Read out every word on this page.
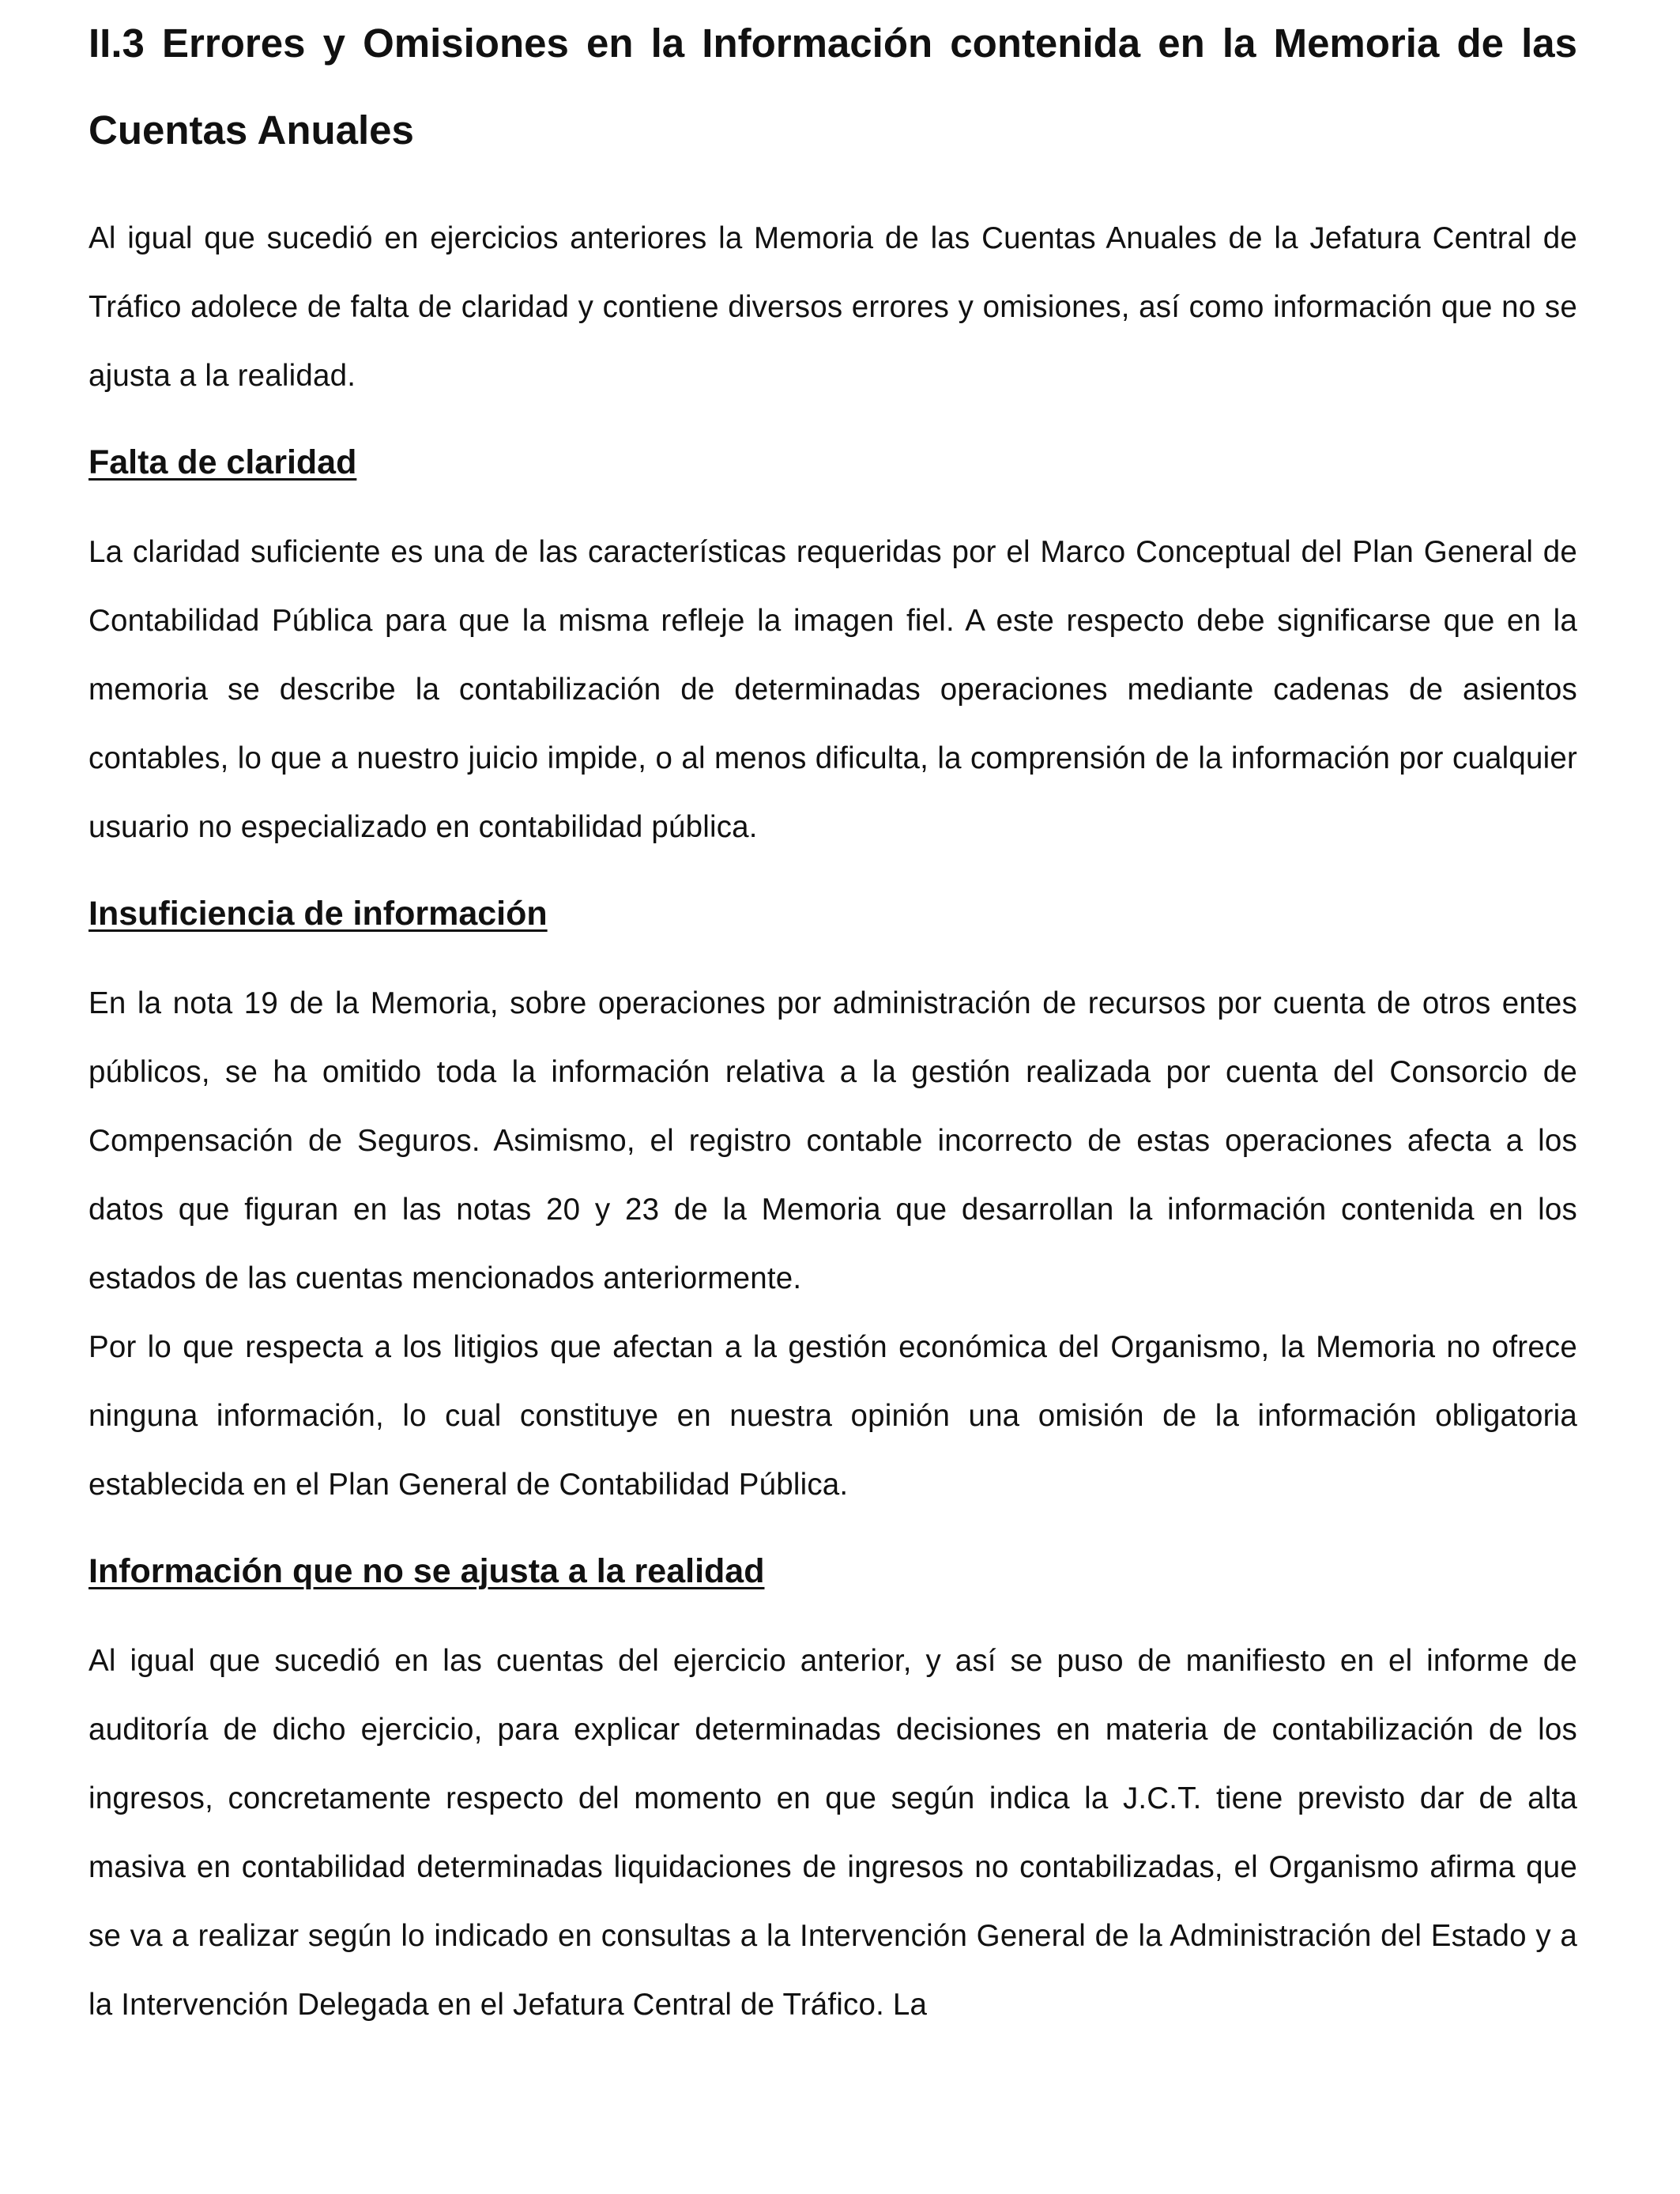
II.3 Errores y Omisiones en la Información contenida en la Memoria de las Cuentas Anuales

Al igual que sucedió en ejercicios anteriores la Memoria de las Cuentas Anuales de la Jefatura Central de Tráfico adolece de falta de claridad y contiene diversos errores y omisiones, así como información que no se ajusta a la realidad.

Falta de claridad

La claridad suficiente es una de las características requeridas por el Marco Conceptual del Plan General de Contabilidad Pública para que la misma refleje la imagen fiel. A este respecto debe significarse que en la memoria se describe la contabilización de determinadas operaciones mediante cadenas de asientos contables, lo que a nuestro juicio impide, o al menos dificulta, la comprensión de la información por cualquier usuario no especializado en contabilidad pública.

Insuficiencia de información

En la nota 19 de la Memoria, sobre operaciones por administración de recursos por cuenta de otros entes públicos, se ha omitido toda la información relativa a la gestión realizada por cuenta del Consorcio de Compensación de Seguros. Asimismo, el registro contable incorrecto de estas operaciones afecta a los datos que figuran en las notas 20 y 23 de la Memoria que desarrollan la información contenida en los estados de las cuentas mencionados anteriormente.

Por lo que respecta a los litigios que afectan a la gestión económica del Organismo, la Memoria no ofrece ninguna información, lo cual constituye en nuestra opinión una omisión de la información obligatoria establecida en el Plan General de Contabilidad Pública.

Información que no se ajusta a la realidad

Al igual que sucedió en las cuentas del ejercicio anterior, y así se puso de manifiesto en el informe de auditoría de dicho ejercicio, para explicar determinadas decisiones en materia de contabilización de los ingresos, concretamente respecto del momento en que según indica la J.C.T. tiene previsto dar de alta masiva en contabilidad determinadas liquidaciones de ingresos no contabilizadas, el Organismo afirma que se va a realizar según lo indicado en consultas a la Intervención General de la Administración del Estado y a la Intervención Delegada en el Jefatura Central de Tráfico. La
